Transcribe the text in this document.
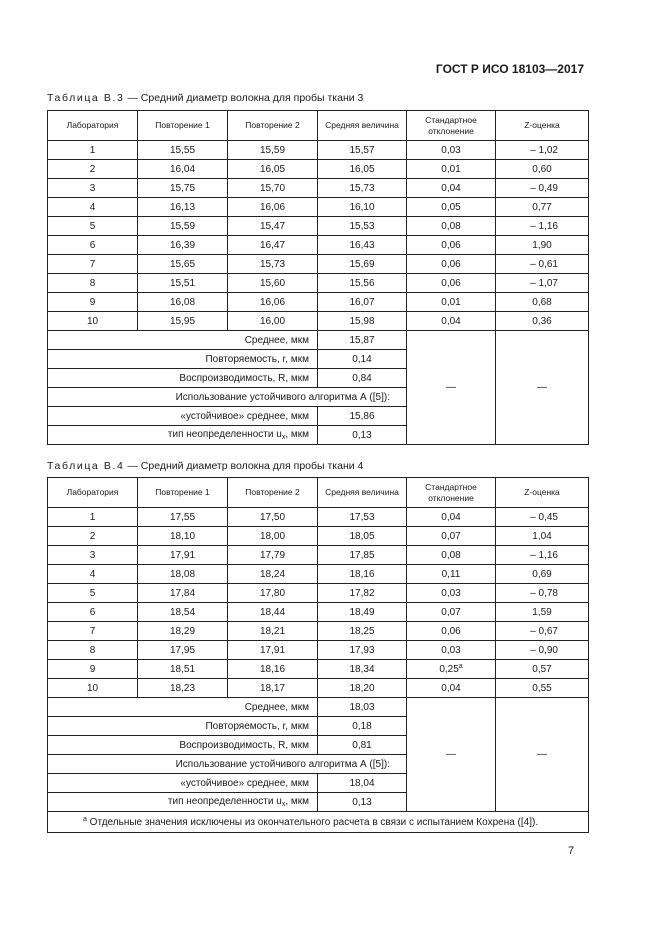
ГОСТ Р ИСО 18103—2017
Таблица В.3 — Средний диаметр волокна для пробы ткани 3
Лаборатория	Повторение 1	Повторение 2	Средняя величина	Стандартное отклонение	Z-оценка
1	15,55	15,59	15,57	0,03	– 1,02
2	16,04	16,05	16,05	0,01	0,60
3	15,75	15,70	15,73	0,04	– 0,49
4	16,13	16,06	16,10	0,05	0,77
5	15,59	15,47	15,53	0,08	– 1,16
6	16,39	16,47	16,43	0,06	1,90
7	15,65	15,73	15,69	0,06	– 0,61
8	15,51	15,60	15,56	0,06	– 1,07
9	16,08	16,06	16,07	0,01	0,68
10	15,95	16,00	15,98	0,04	0,36
Среднее, мкм			15,87	—	—
Повторяемость, r, мкм			0,14		
Воспроизводимость, R, мкм			0,84		
Использование устойчивого алгоритма А ([5]):					
«устойчивое» среднее, мкм			15,86		
тип неопределенности $u_x$, мкм			0,13		
Таблица В.4 — Средний диаметр волокна для пробы ткани 4
Лаборатория	Повторение 1	Повторение 2	Средняя величина	Стандартное отклонение	Z-оценка
1	17,55	17,50	17,53	0,04	– 0,45
2	18,10	18,00	18,05	0,07	1,04
3	17,91	17,79	17,85	0,08	– 1,16
4	18,08	18,24	18,16	0,11	0,69
5	17,84	17,80	17,82	0,03	– 0,78
6	18,54	18,44	18,49	0,07	1,59
7	18,29	18,21	18,25	0,06	– 0,67
8	17,95	17,91	17,93	0,03	– 0,90
9	18,51	18,16	18,34	0,25$^a$	0,57
10	18,23	18,17	18,20	0,04	0,55
Среднее, мкм			18,03	—	—
Повторяемость, r, мкм			0,18		
Воспроизводимость, R, мкм			0,81		
Использование устойчивого алгоритма А ([5]):					
«устойчивое» среднее, мкм			18,04		
тип неопределенности $u_x$, мкм			0,13		
$^a$ Отдельные значения исключены из окончательного расчета в связи с испытанием Кохрена ([4]).					
7
